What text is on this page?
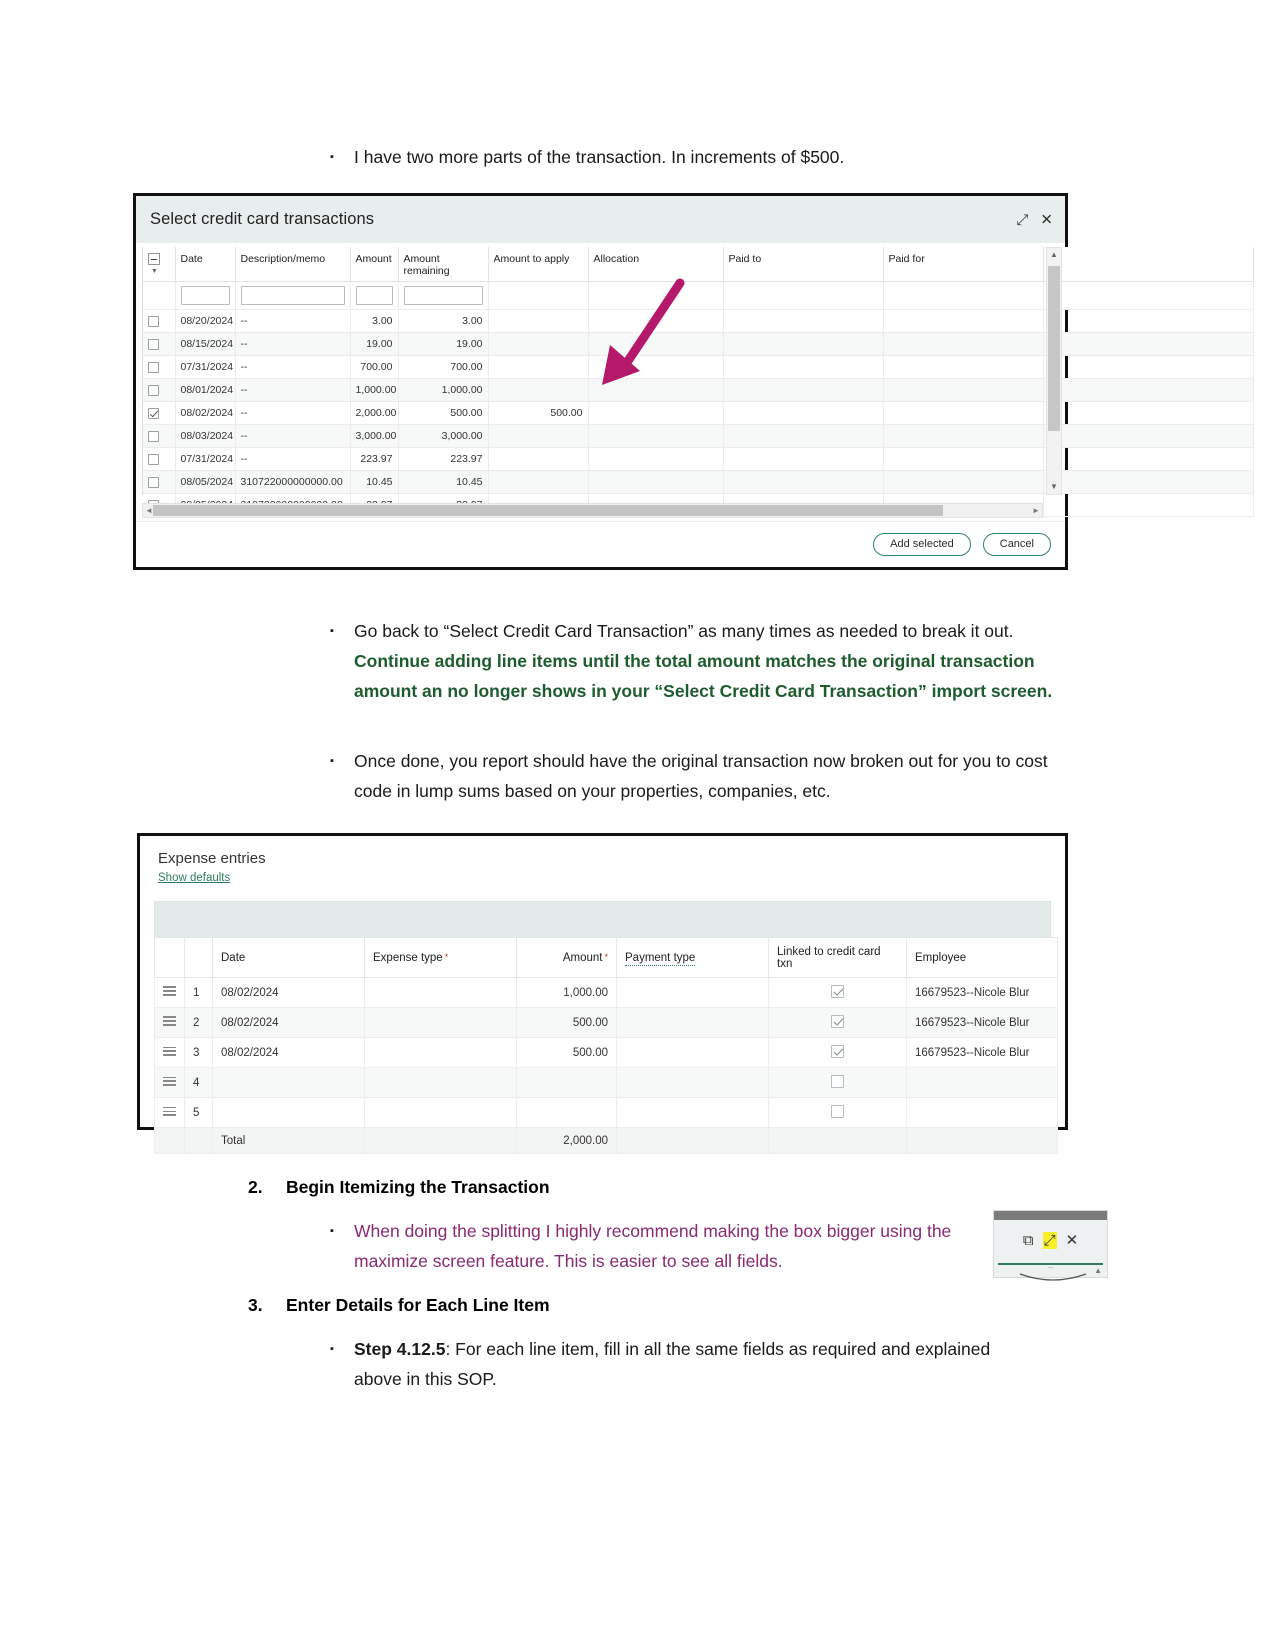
▪	I have two more parts of the transaction. In increments of $500.
Select credit card transactions	⤢ ✕
▼	Date	Description/memo	Amount	Amount remaining	Amount to apply	Allocation	Paid to	Paid for	

	08/20/2024	--	3.00	3.00					
	08/15/2024	--	19.00	19.00					
	07/31/2024	--	700.00	700.00					
	08/01/2024	--	1,000.00	1,000.00					
	08/02/2024	--	2,000.00	500.00	500.00				
	08/03/2024	--	3,000.00	3,000.00					
	07/31/2024	--	223.97	223.97					
	08/05/2024	310722000000000.00	10.45	10.45					

▲
▼
◄	►
Add selected	Cancel
▪	Go back to “Select Credit Card Transaction” as many times as needed to break it out. Continue adding line items until the total amount matches the original transaction amount an no longer shows in your “Select Credit Card Transaction” import screen.
▪	Once done, you report should have the original transaction now broken out for you to cost code in lump sums based on your properties, companies, etc.
Expense entries
Show defaults
		Date	Expense type *	Amount *	Payment type	Linked to credit card txn	Employee

	1	08/02/2024		1,000.00			16679523--Nicole Blur

	2	08/02/2024		500.00			16679523--Nicole Blur

	3	08/02/2024		500.00			16679523--Nicole Blur

	4						

	5						
		Total		2,000.00			
2.	Begin Itemizing the Transaction
▪	When doing the splitting I highly recommend making the box bigger using the maximize screen feature. This is easier to see all fields.
3.	Enter Details for Each Line Item
▪	Step 4.12.5: For each line item, fill in all the same fields as required and explained above in this SOP.
⧉ ⤢ ✕
--	▲
